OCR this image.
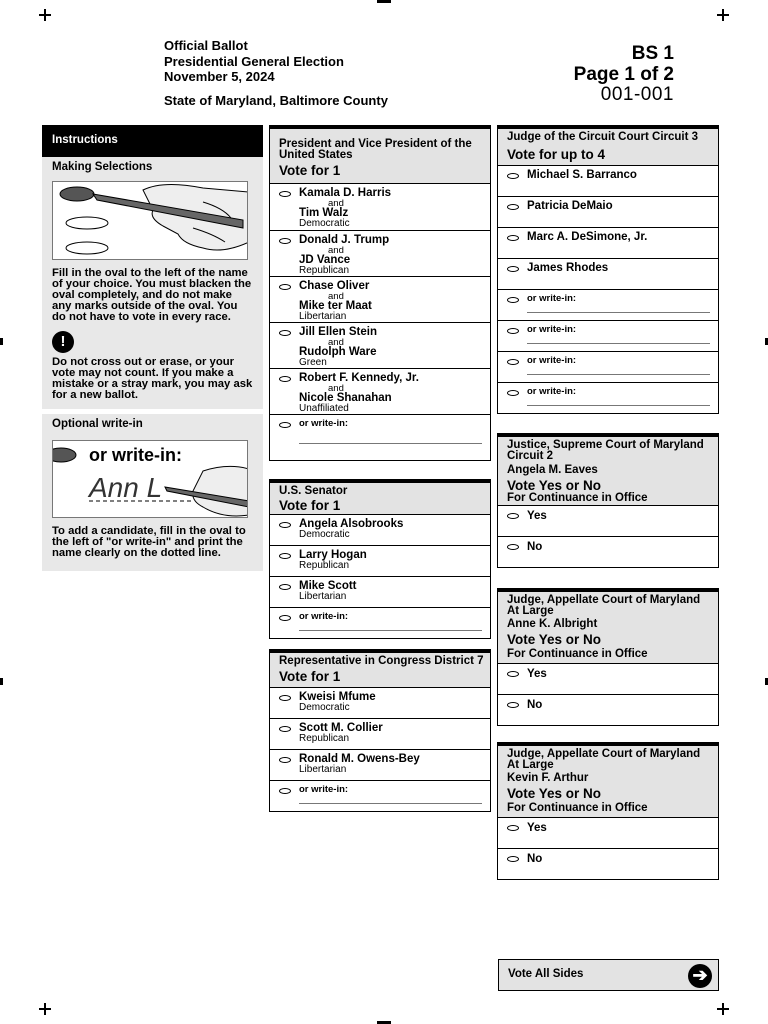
Official Ballot
Presidential General Election
November 5, 2024
State of Maryland, Baltimore County
BS 1
Page 1 of 2
001-001
Instructions
Making Selections
Fill in the oval to the left of the name of your choice. You must blacken the oval completely, and do not make any marks outside of the oval. You do not have to vote in every race.
!
Do not cross out or erase, or your vote may not count. If you make a mistake or a stray mark, you may ask for a new ballot.
Optional write-in
or write-in:
Ann L
To add a candidate, fill in the oval to the left of "or write-in" and print the name clearly on the dotted line.
President and Vice President of the United States
Vote for 1
Kamala D. Harris
and
Tim Walz
Democratic
Donald J. Trump
and
JD Vance
Republican
Chase Oliver
and
Mike ter Maat
Libertarian
Jill Ellen Stein
and
Rudolph Ware
Green
Robert F. Kennedy, Jr.
and
Nicole Shanahan
Unaffiliated
or write-in:
U.S. Senator
Vote for 1
Angela Alsobrooks
Democratic
Larry Hogan
Republican
Mike Scott
Libertarian
or write-in:
Representative in Congress District 7
Vote for 1
Kweisi Mfume
Democratic
Scott M. Collier
Republican
Ronald M. Owens-Bey
Libertarian
or write-in:
Judge of the Circuit Court Circuit 3
Vote for up to 4
Michael S. Barranco
Patricia DeMaio
Marc A. DeSimone, Jr.
James Rhodes
or write-in:
or write-in:
or write-in:
or write-in:
Justice, Supreme Court of Maryland Circuit 2
Angela M. Eaves
Vote Yes or No
For Continuance in Office
Yes
No
Judge, Appellate Court of Maryland At Large
Anne K. Albright
Vote Yes or No
For Continuance in Office
Yes
No
Judge, Appellate Court of Maryland At Large
Kevin F. Arthur
Vote Yes or No
For Continuance in Office
Yes
No
Vote All Sides	➔
